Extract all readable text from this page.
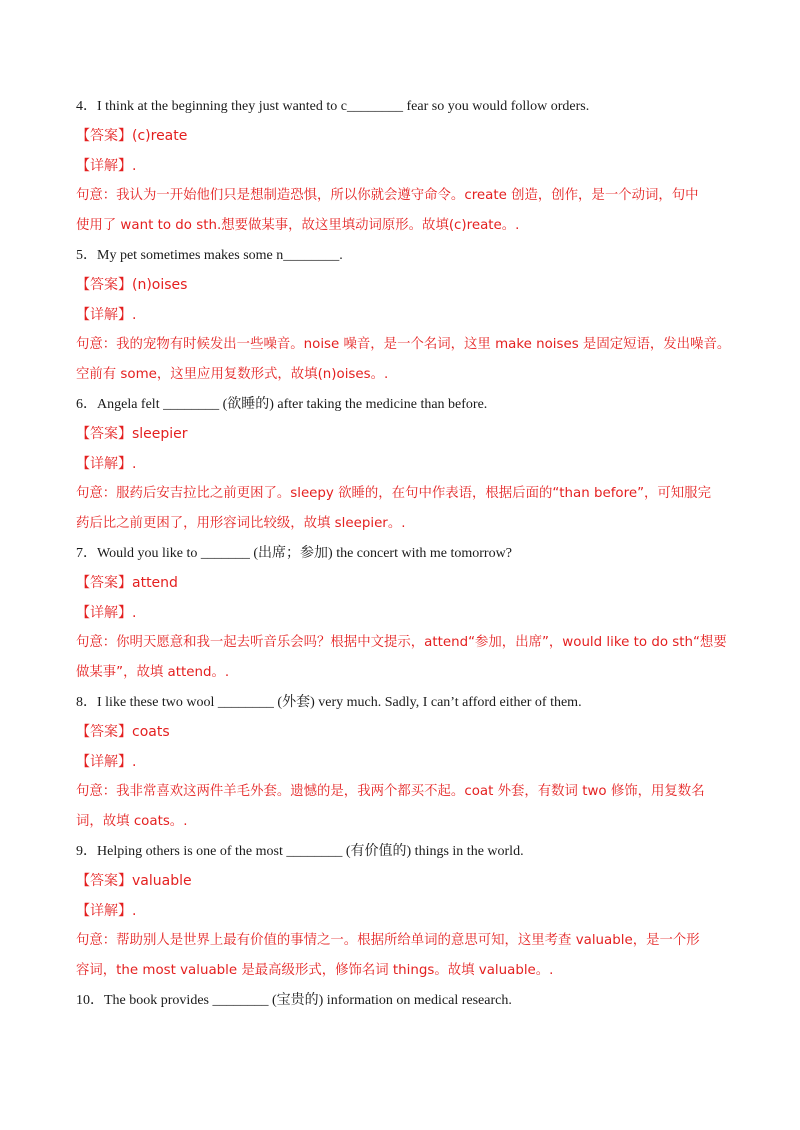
4．I think at the beginning they just wanted to c________ fear so you would follow orders.
【答案】(c)reate
【详解】.
句意：我认为一开始他们只是想制造恐惧，所以你就会遵守命令。create 创造，创作，是一个动词，句中
使用了 want to do sth.想要做某事，故这里填动词原形。故填(c)reate。.
5．My pet sometimes makes some n________.
【答案】(n)oises
【详解】.
句意：我的宠物有时候发出一些噪音。noise 噪音，是一个名词，这里 make noises 是固定短语，发出噪音。
空前有 some，这里应用复数形式，故填(n)oises。.
6．Angela felt ________ (欲睡的) after taking the medicine than before.
【答案】sleepier
【详解】.
句意：服药后安吉拉比之前更困了。sleepy 欲睡的，在句中作表语，根据后面的“than before”，可知服完
药后比之前更困了，用形容词比较级，故填 sleepier。.
7．Would you like to _______ (出席；参加) the concert with me tomorrow?
【答案】attend
【详解】.
句意：你明天愿意和我一起去听音乐会吗？根据中文提示，attend“参加，出席”，would like to do sth“想要
做某事”，故填 attend。.
8．I like these two wool ________ (外套) very much. Sadly, I can’t afford either of them.
【答案】coats
【详解】.
句意：我非常喜欢这两件羊毛外套。遗憾的是，我两个都买不起。coat 外套，有数词 two 修饰，用复数名
词，故填 coats。.
9．Helping others is one of the most ________ (有价值的) things in the world.
【答案】valuable
【详解】.
句意：帮助别人是世界上最有价值的事情之一。根据所给单词的意思可知，这里考查 valuable，是一个形
容词，the most valuable 是最高级形式，修饰名词 things。故填 valuable。.
10．The book provides ________ (宝贵的) information on medical research.
